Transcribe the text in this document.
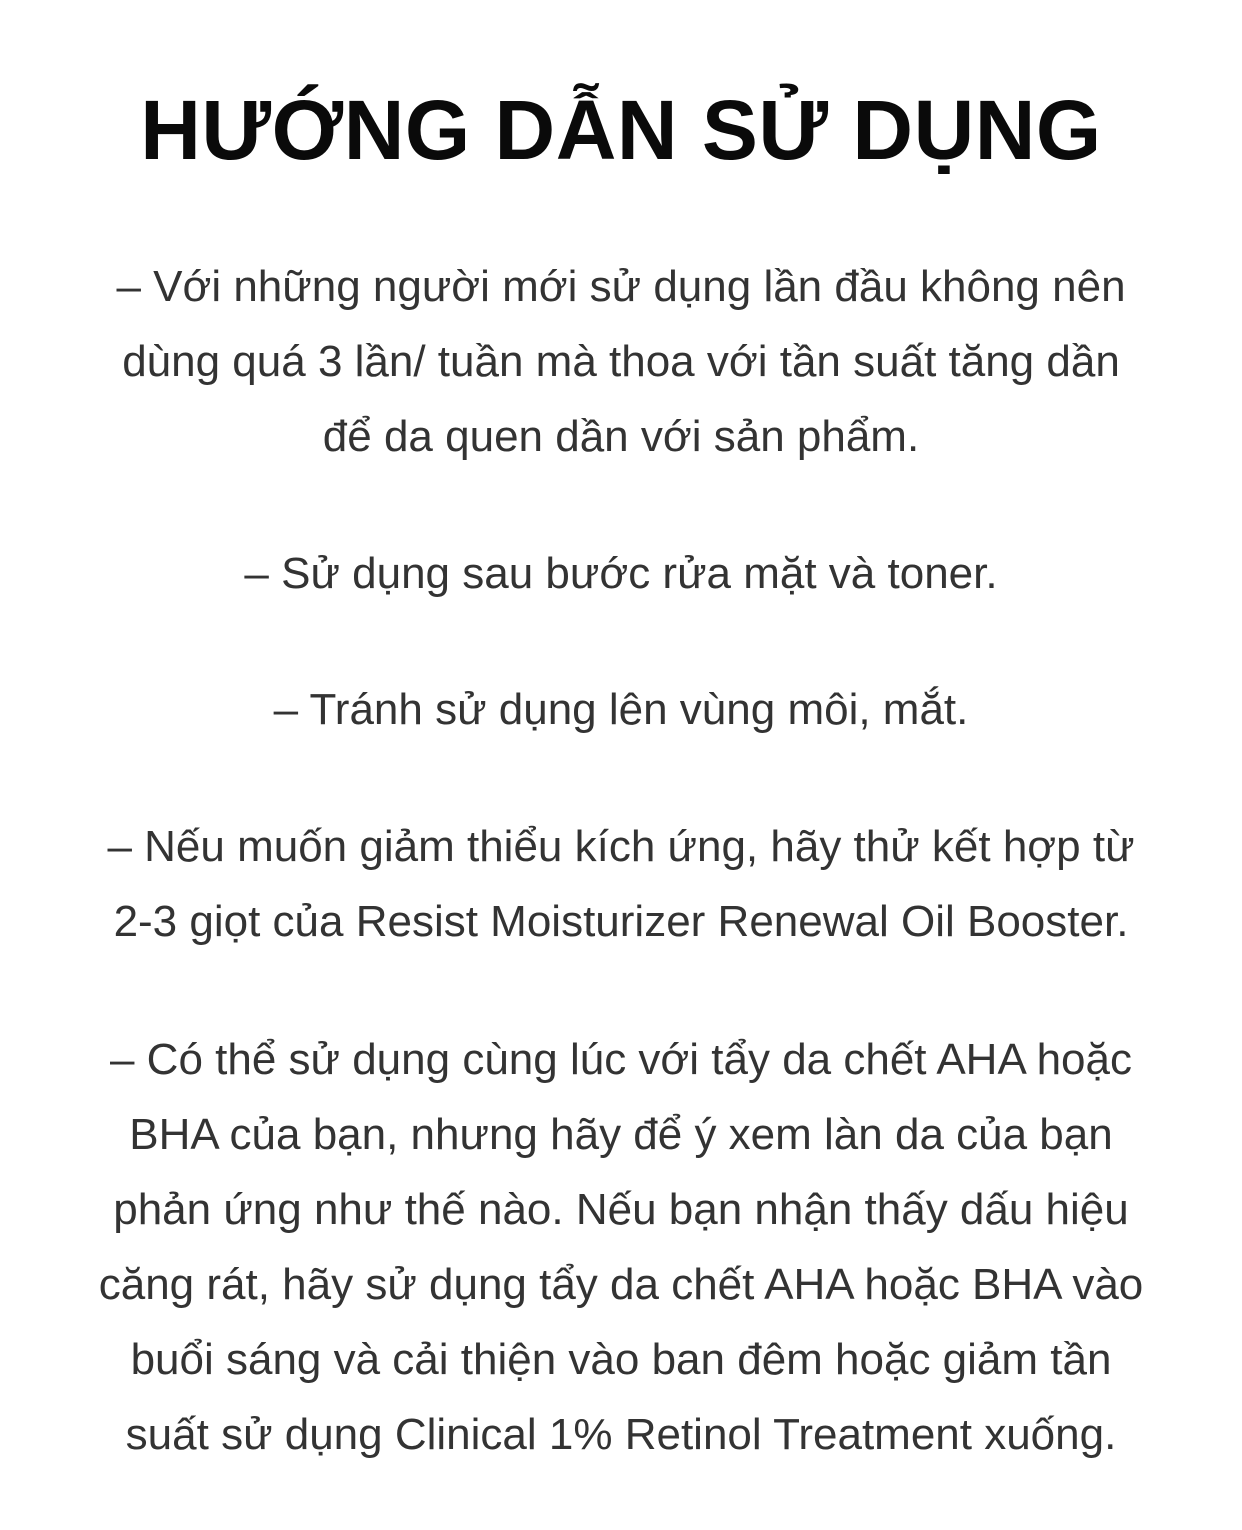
HƯỚNG DẪN SỬ DỤNG

– Với những người mới sử dụng lần đầu không nên
dùng quá 3 lần/ tuần mà thoa với tần suất tăng dần
để da quen dần với sản phẩm.

– Sử dụng sau bước rửa mặt và toner.

– Tránh sử dụng lên vùng môi, mắt.

– Nếu muốn giảm thiểu kích ứng, hãy thử kết hợp từ
2-3 giọt của Resist Moisturizer Renewal Oil Booster.

– Có thể sử dụng cùng lúc với tẩy da chết AHA hoặc
BHA của bạn, nhưng hãy để ý xem làn da của bạn
phản ứng như thế nào. Nếu bạn nhận thấy dấu hiệu
căng rát, hãy sử dụng tẩy da chết AHA hoặc BHA vào
buổi sáng và cải thiện vào ban đêm hoặc giảm tần
suất sử dụng Clinical 1% Retinol Treatment xuống.
